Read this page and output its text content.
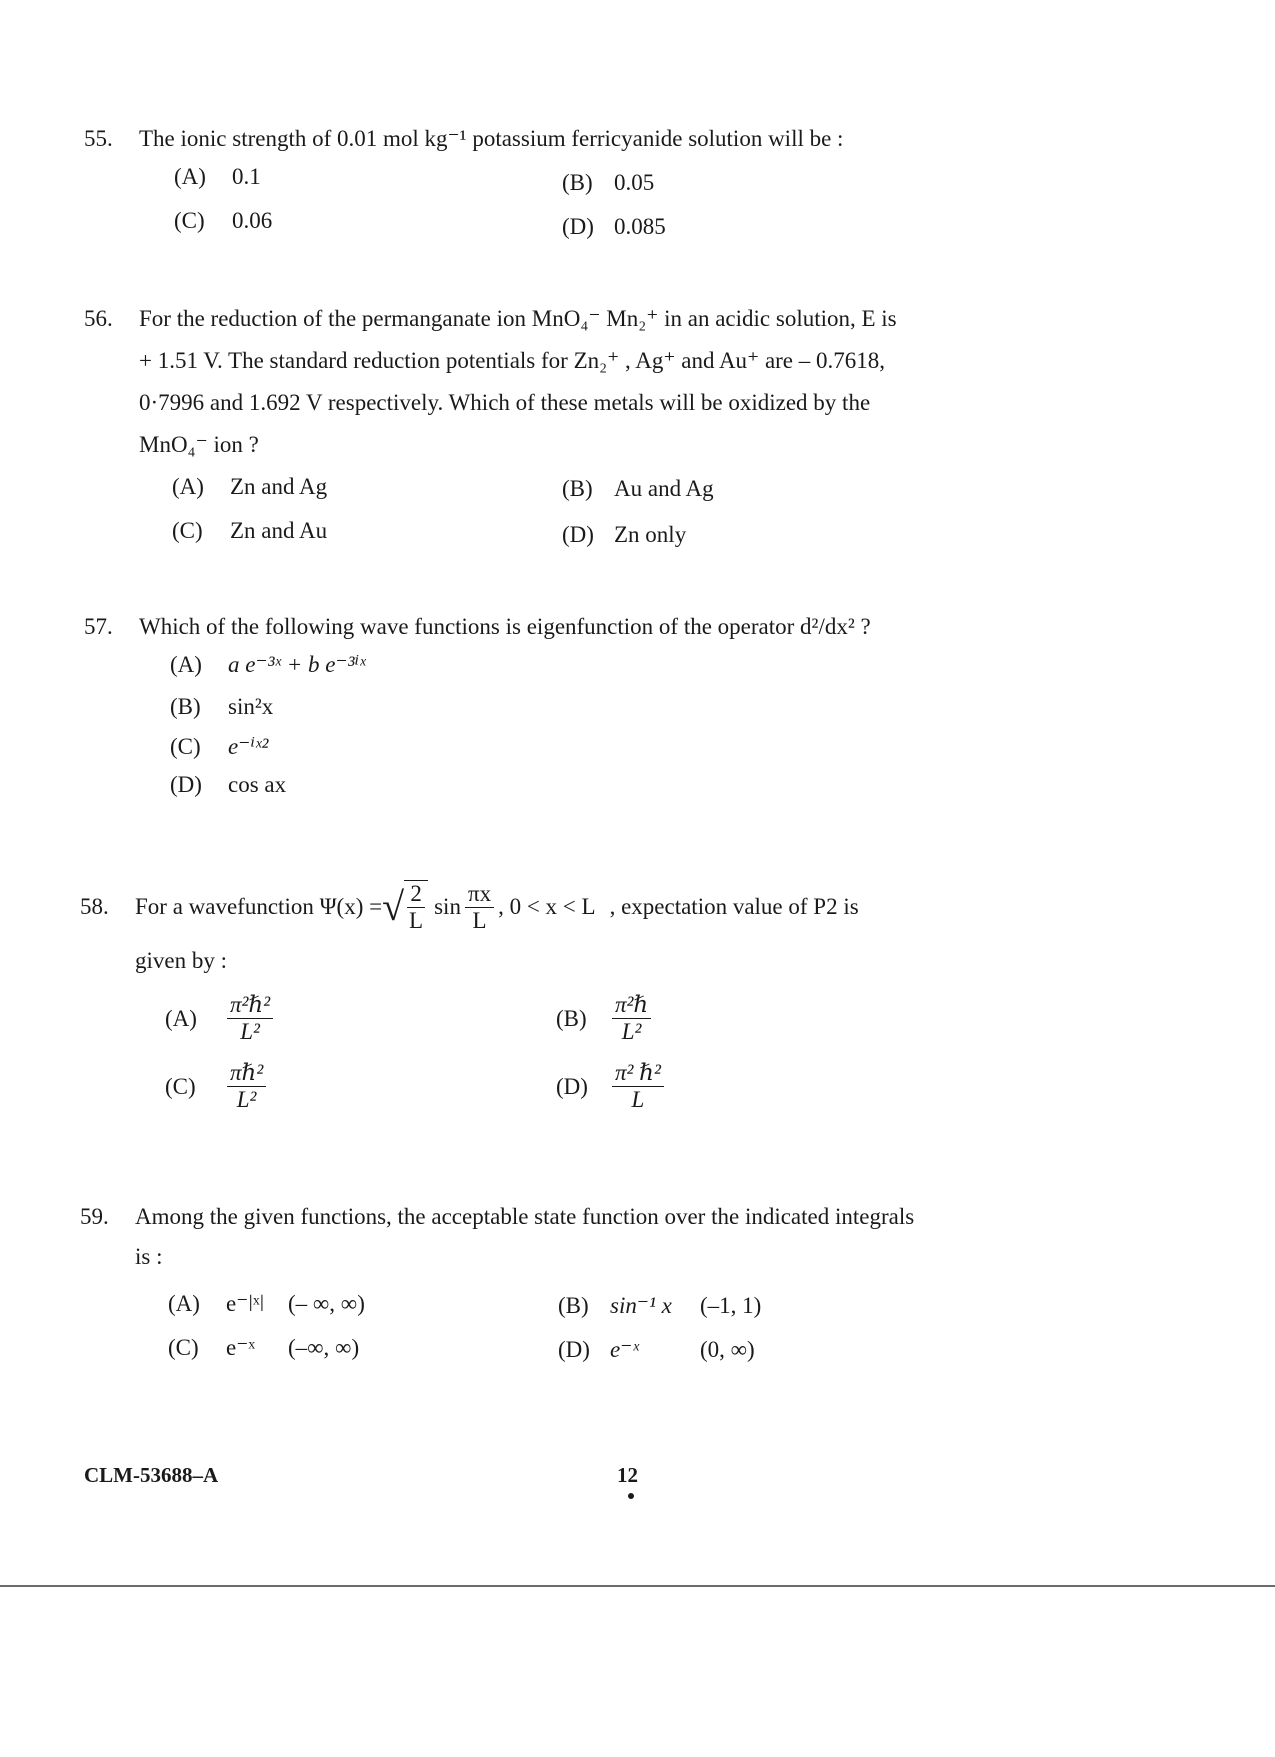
55.	The ionic strength of 0.01 mol kg⁻¹ potassium ferricyanide solution will be :
(A)	0.1	(B) 0.05
(C)	0.06	(D) 0.085
56.	For the reduction of the permanganate ion MnO₄⁻ Mn₂⁺ in an acidic solution, E is
+ 1.51 V. The standard reduction potentials for Zn₂⁺ , Ag⁺ and Au⁺ are – 0.7618,
0·7996 and 1.692 V respectively. Which of these metals will be oxidized by the
MnO₄⁻ ion ?
(A)	Zn and Ag	(B) Au and Ag
(C)	Zn and Au	(D) Zn only
57.	Which of the following wave functions is eigenfunction of the operator d²/dx² ?
(A)	a e⁻³ˣ + b e⁻³ⁱˣ
(B)	sin²x
(C)	e⁻ⁱˣ²
(D)	cos ax
58.	For a wavefunction Ψ(x) = √ $\frac{2}{L}$ $\sin \frac{\pi x}{L}$ , 0 < x < L , expectation value of P2 is
given by :
(A)	$\frac{\text{π²ℏ²}}{\text{L²}}$	(B)	$\frac{\text{π²ℏ}}{\text{L²}}$
(C)	$\frac{\text{πℏ²}}{\text{L²}}$	(D)	$\frac{\text{π² ℏ²}}{L}$
59.	Among the given functions, the acceptable state function over the indicated integrals
is :
(A)	e⁻ǀˣǀ	(– ∞, ∞)	(B) sin⁻¹ x	(–1, 1)
(C)	e⁻ˣ	(–∞, ∞)	(D) e⁻ˣ	(0, ∞)
CLM-53688–A	12
